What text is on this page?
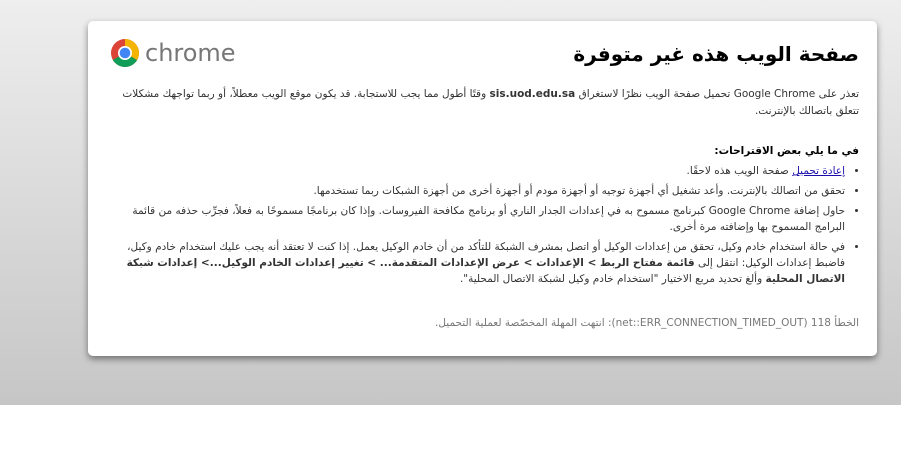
chrome	صفحة الويب هذه غير متوفرة

تعذر على Google Chrome تحميل صفحة الويب نظرًا لاستغراق sis.uod.edu.sa وقتًا أطول مما يجب للاستجابة. قد يكون موقع الويب معطلاً، أو ربما تواجهك مشكلات تتعلق باتصالك بالإنترنت.

في ما يلي بعض الاقتراحات:
• إعادة تحميل صفحة الويب هذه لاحقًا.
• تحقق من اتصالك بالإنترنت. وأعد تشغيل أي أجهزة توجيه أو أجهزة مودم أو أجهزة أخرى من أجهزة الشبكات ربما تستخدمها.
• حاول إضافة Google Chrome كبرنامج مسموح به في إعدادات الجدار الناري أو برنامج مكافحة الفيروسات. وإذا كان برنامجًا مسموحًا به فعلاً، فجرِّب حذفه من قائمة البرامج المسموح بها وإضافته مرة أخرى.
• في حالة استخدام خادم وكيل، تحقق من إعدادات الوكيل أو اتصل بمشرف الشبكة للتأكد من أن خادم الوكيل يعمل. إذا كنت لا تعتقد أنه يجب عليك استخدام خادم وكيل، فاضبط إعدادات الوكيل: انتقل إلى قائمة مفتاح الربط > الإعدادات > عرض الإعدادات المتقدمة... > تغيير إعدادات الخادم الوكيل...> إعدادات شبكة الاتصال المحلية وألغ تحديد مربع الاختيار "استخدام خادم وكيل لشبكة الاتصال المحلية".
الخطأ 118 (net::ERR_CONNECTION_TIMED_OUT): انتهت المهلة المخصّصة لعملية التحميل.
